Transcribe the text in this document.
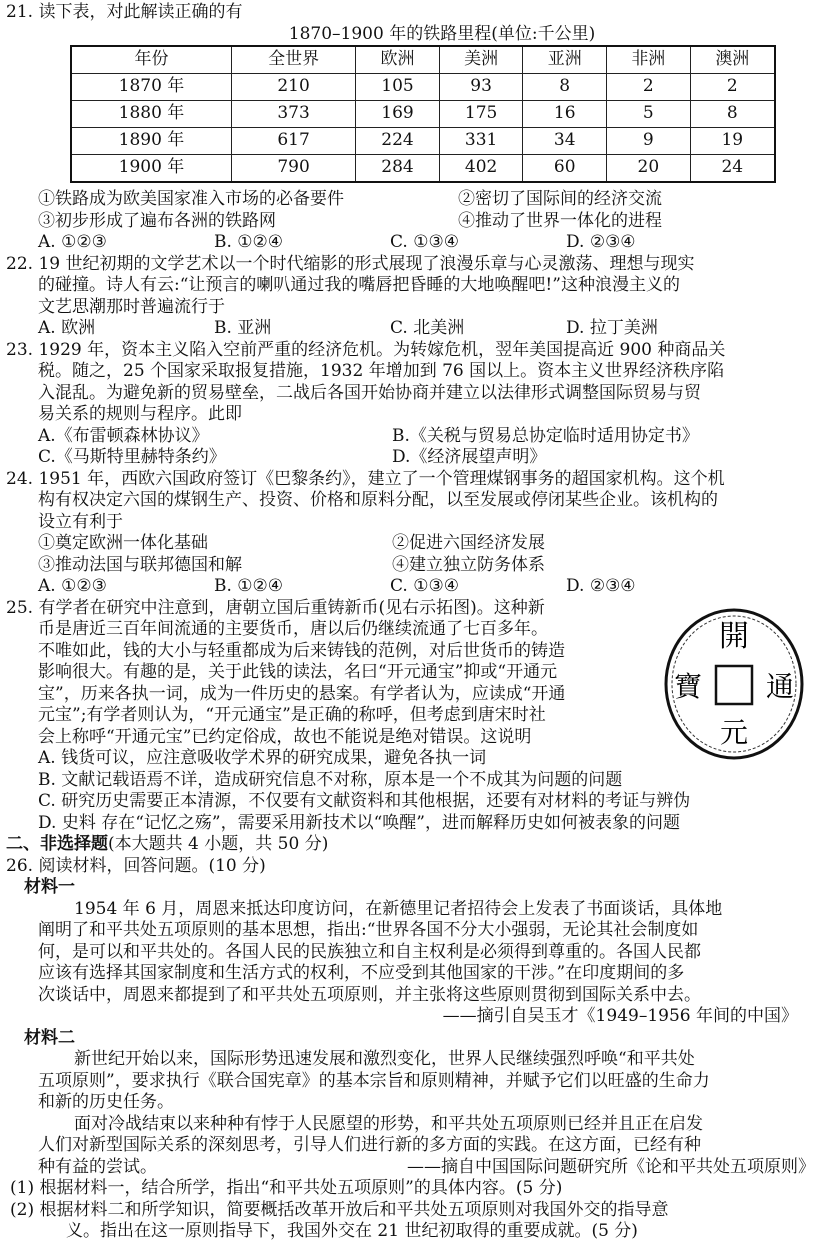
21. 读下表，对此解读正确的有
1870–1900 年的铁路里程(单位:千公里)
年份	全世界	欧洲	美洲	亚洲	非洲	澳洲
1870 年	210	105	93	8	2	2
1880 年	373	169	175	16	5	8
1890 年	617	224	331	34	9	19
1900 年	790	284	402	60	20	24
①铁路成为欧美国家准入市场的必备要件	②密切了国际间的经济交流
③初步形成了遍布各洲的铁路网	④推动了世界一体化的进程
A. ①②③	B. ①②④	C. ①③④	D. ②③④
22. 19 世纪初期的文学艺术以一个时代缩影的形式展现了浪漫乐章与心灵激荡、理想与现实
的碰撞。诗人有云:“让预言的喇叭通过我的嘴唇把昏睡的大地唤醒吧!”这种浪漫主义的
文艺思潮那时普遍流行于
A. 欧洲	B. 亚洲	C. 北美洲	D. 拉丁美洲
23. 1929 年，资本主义陷入空前严重的经济危机。为转嫁危机，翌年美国提高近 900 种商品关
税。随之，25 个国家采取报复措施，1932 年增加到 76 国以上。资本主义世界经济秩序陷
入混乱。为避免新的贸易壁垒，二战后各国开始协商并建立以法律形式调整国际贸易与贸
易关系的规则与程序。此即
A.《布雷顿森林协议》	B.《关税与贸易总协定临时适用协定书》
C.《马斯特里赫特条约》	D.《经济展望声明》
24. 1951 年，西欧六国政府签订《巴黎条约》，建立了一个管理煤钢事务的超国家机构。这个机
构有权决定六国的煤钢生产、投资、价格和原料分配，以至发展或停闭某些企业。该机构的
设立有利于
①奠定欧洲一体化基础	②促进六国经济发展
③推动法国与联邦德国和解	④建立独立防务体系
A. ①②③	B. ①②④	C. ①③④	D. ②③④
25. 有学者在研究中注意到，唐朝立国后重铸新币(见右示拓图)。这种新
币是唐近三百年间流通的主要货币，唐以后仍继续流通了七百多年。
不唯如此，钱的大小与轻重都成为后来铸钱的范例，对后世货币的铸造
影响很大。有趣的是，关于此钱的读法，名曰“开元通宝”抑或“开通元
宝”，历来各执一词，成为一件历史的悬案。有学者认为，应读成“开通
元宝”;有学者则认为，“开元通宝”是正确的称呼，但考虑到唐宋时社
会上称呼“开通元宝”已约定俗成，故也不能说是绝对错误。这说明
開
寶 通
元
A. 钱货可议，应注意吸收学术界的研究成果，避免各执一词
B. 文献记载语焉不详，造成研究信息不对称，原本是一个不成其为问题的问题
C. 研究历史需要正本清源，不仅要有文献资料和其他根据，还要有对材料的考证与辨伪
D. 史料 存在“记忆之殇”，需要采用新技术以“唤醒”，进而解释历史如何被表象的问题
二、非选择题(本大题共 4 小题，共 50 分)
26. 阅读材料，回答问题。(10 分)
材料一
1954 年 6 月，周恩来抵达印度访问，在新德里记者招待会上发表了书面谈话，具体地
阐明了和平共处五项原则的基本思想，指出:“世界各国不分大小强弱，无论其社会制度如
何，是可以和平共处的。各国人民的民族独立和自主权利是必须得到尊重的。各国人民都
应该有选择其国家制度和生活方式的权利，不应受到其他国家的干涉。”在印度期间的多
次谈话中，周恩来都提到了和平共处五项原则，并主张将这些原则贯彻到国际关系中去。
——摘引自吴玉才《1949–1956 年间的中国》
材料二
新世纪开始以来，国际形势迅速发展和激烈变化，世界人民继续强烈呼唤“和平共处
五项原则”，要求执行《联合国宪章》的基本宗旨和原则精神，并赋予它们以旺盛的生命力
和新的历史任务。
面对冷战结束以来种种有悖于人民愿望的形势，和平共处五项原则已经并且正在启发
人们对新型国际关系的深刻思考，引导人们进行新的多方面的实践。在这方面，已经有种
种有益的尝试。	——摘自中国国际问题研究所《论和平共处五项原则》
(1) 根据材料一，结合所学，指出“和平共处五项原则”的具体内容。(5 分)
(2) 根据材料二和所学知识，简要概括改革开放后和平共处五项原则对我国外交的指导意
义。指出在这一原则指导下，我国外交在 21 世纪初取得的重要成就。(5 分)
